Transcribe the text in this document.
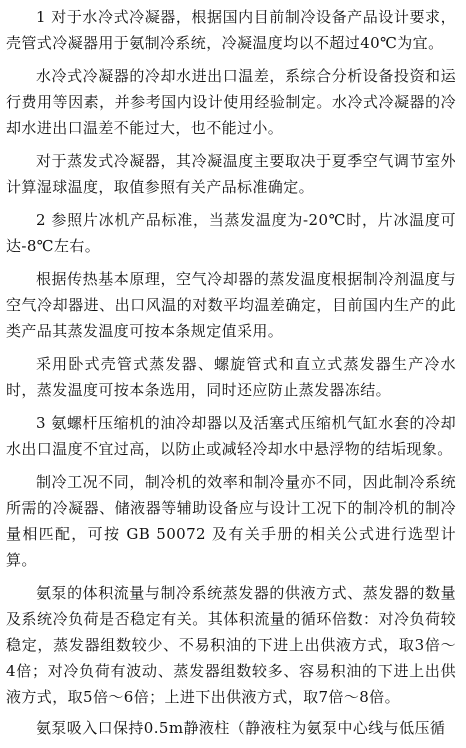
1 对于水冷式冷凝器，根据国内目前制冷设备产品设计要求，壳管式冷凝器用于氨制冷系统，冷凝温度均以不超过40℃为宜。

水冷式冷凝器的冷却水进出口温差，系综合分析设备投资和运行费用等因素，并参考国内设计使用经验制定。水冷式冷凝器的冷却水进出口温差不能过大，也不能过小。

对于蒸发式冷凝器，其冷凝温度主要取决于夏季空气调节室外计算湿球温度，取值参照有关产品标准确定。

2 参照片冰机产品标准，当蒸发温度为-20℃时，片冰温度可达-8℃左右。

根据传热基本原理，空气冷却器的蒸发温度根据制冷剂温度与空气冷却器进、出口风温的对数平均温差确定，目前国内生产的此类产品其蒸发温度可按本条规定值采用。

采用卧式壳管式蒸发器、螺旋管式和直立式蒸发器生产冷水时，蒸发温度可按本条选用，同时还应防止蒸发器冻结。

3 氨螺杆压缩机的油冷却器以及活塞式压缩机气缸水套的冷却水出口温度不宜过高，以防止或减轻冷却水中悬浮物的结垢现象。

制冷工况不同，制冷机的效率和制冷量亦不同，因此制冷系统所需的冷凝器、储液器等辅助设备应与设计工况下的制冷机的制冷量相匹配，可按 GB 50072 及有关手册的相关公式进行选型计算。

氨泵的体积流量与制冷系统蒸发器的供液方式、蒸发器的数量及系统冷负荷是否稳定有关。其体积流量的循环倍数：对冷负荷较稳定，蒸发器组数较少、不易积油的下进上出供液方式，取3倍～4倍；对冷负荷有波动、蒸发器组数较多、容易积油的下进上出供液方式，取5倍～6倍；上进下出供液方式，取7倍～8倍。

氨泵吸入口保持0.5m静液柱（静液柱为氨泵中心线与低压循
